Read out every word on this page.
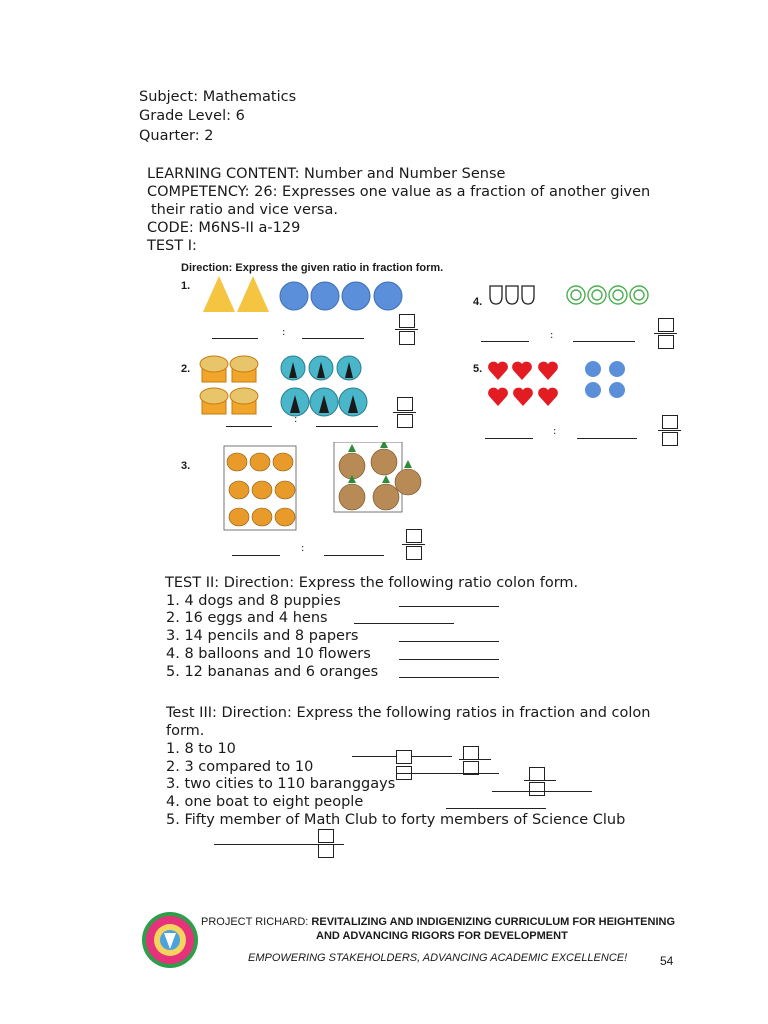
Subject: Mathematics
Grade Level: 6
Quarter: 2
LEARNING CONTENT: Number and Number Sense
COMPETENCY: 26: Expresses one value as a fraction of another given
their ratio and vice versa.
CODE: M6NS-II a-129
TEST I:
Direction: Express the given ratio in fraction form.
1.
:
4.
:
2.
:
5.
:
3.
:
TEST II: Direction: Express the following ratio colon form.
1. 4 dogs and 8 puppies
2. 16 eggs and 4 hens
3. 14 pencils and 8 papers
4. 8 balloons and 10 flowers
5. 12 bananas and 6 oranges
Test III: Direction: Express the following ratios in fraction and colon
form.
1. 8 to 10
2. 3 compared to 10
3. two cities to 110 baranggays
4. one boat to eight people
5. Fifty member of Math Club to forty members of Science Club
PROJECT RICHARD: REVITALIZING AND INDIGENIZING CURRICULUM FOR HEIGHTENING
AND ADVANCING RIGORS FOR DEVELOPMENT
EMPOWERING STAKEHOLDERS, ADVANCING ACADEMIC EXCELLENCE!	54
